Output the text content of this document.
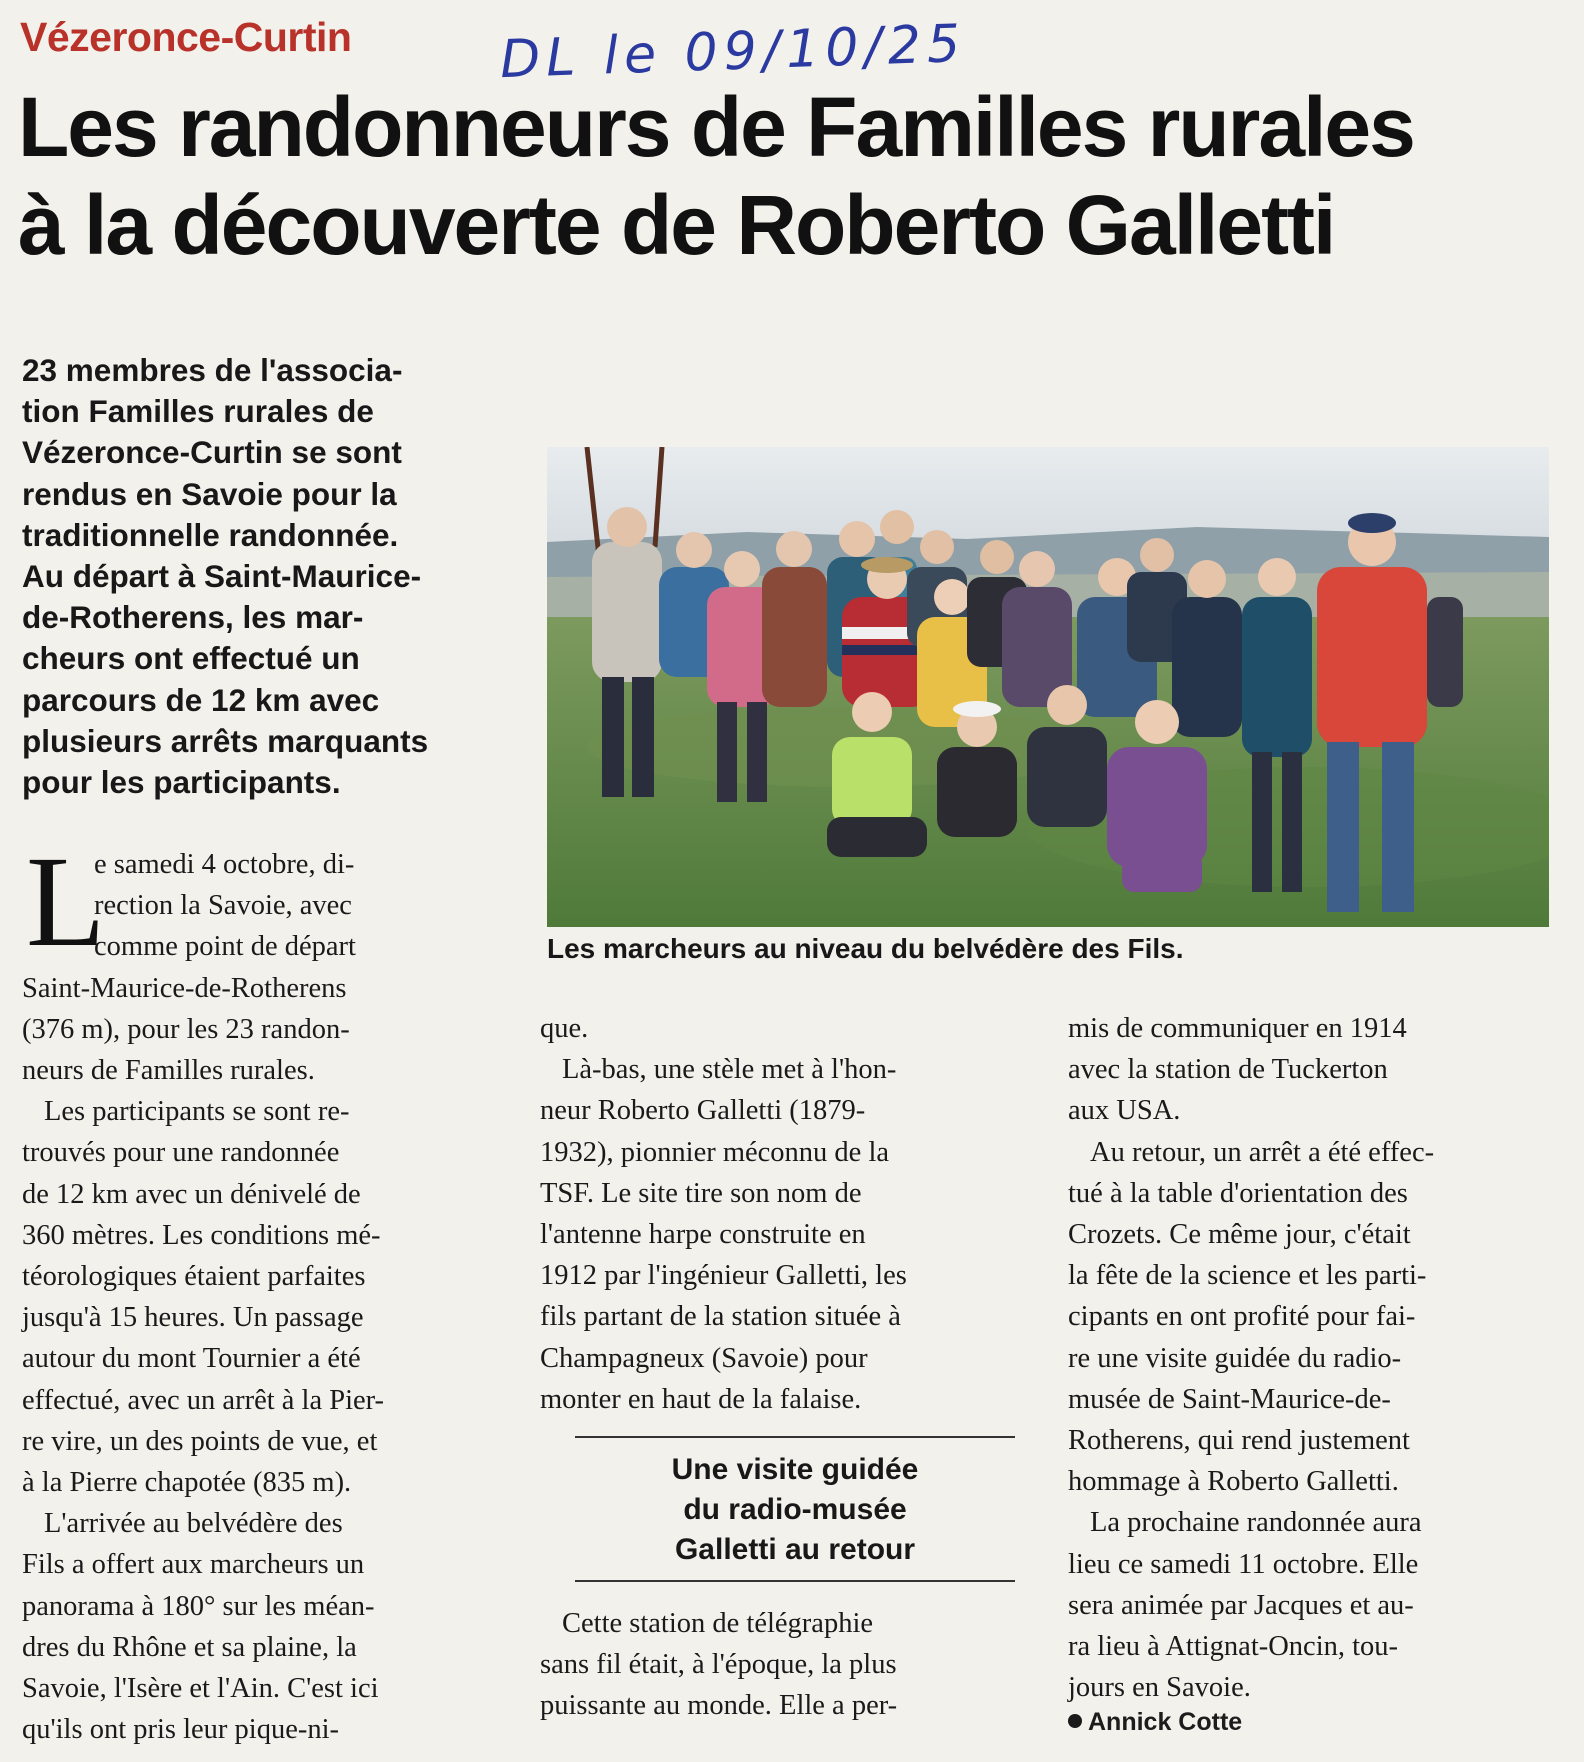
Vézeronce-Curtin	DL le 09/10/25
Les randonneurs de Familles rurales
à la découverte de Roberto Galletti

23 membres de l'associa-
tion Familles rurales de
Vézeronce-Curtin se sont
rendus en Savoie pour la
traditionnelle randonnée.
Au départ à Saint-Maurice-
de-Rotherens, les mar-
cheurs ont effectué un
parcours de 12 km avec
plusieurs arrêts marquants
pour les participants.

Les marcheurs au niveau du belvédère des Fils.
L
e samedi 4 octobre, di-
rection la Savoie, avec
comme point de départ
Saint-Maurice-de-Rotherens
(376 m), pour les 23 randon-
neurs de Familles rurales.
Les participants se sont re-
trouvés pour une randonnée
de 12 km avec un dénivelé de
360 mètres. Les conditions mé-
téorologiques étaient parfaites
jusqu'à 15 heures. Un passage
autour du mont Tournier a été
effectué, avec un arrêt à la Pier-
re vire, un des points de vue, et
à la Pierre chapotée (835 m).
L'arrivée au belvédère des
Fils a offert aux marcheurs un
panorama à 180° sur les méan-
dres du Rhône et sa plaine, la
Savoie, l'Isère et l'Ain. C'est ici
qu'ils ont pris leur pique-ni-
que.
Là-bas, une stèle met à l'hon-
neur Roberto Galletti (1879-
1932), pionnier méconnu de la
TSF. Le site tire son nom de
l'antenne harpe construite en
1912 par l'ingénieur Galletti, les
fils partant de la station située à
Champagneux (Savoie) pour
monter en haut de la falaise.
Une visite guidée
du radio-musée
Galletti au retour
Cette station de télégraphie
sans fil était, à l'époque, la plus
puissante au monde. Elle a per-
mis de communiquer en 1914
avec la station de Tuckerton
aux USA.
Au retour, un arrêt a été effec-
tué à la table d'orientation des
Crozets. Ce même jour, c'était
la fête de la science et les parti-
cipants en ont profité pour fai-
re une visite guidée du radio-
musée de Saint-Maurice-de-
Rotherens, qui rend justement
hommage à Roberto Galletti.
La prochaine randonnée aura
lieu ce samedi 11 octobre. Elle
sera animée par Jacques et au-
ra lieu à Attignat-Oncin, tou-
jours en Savoie.
Annick Cotte
